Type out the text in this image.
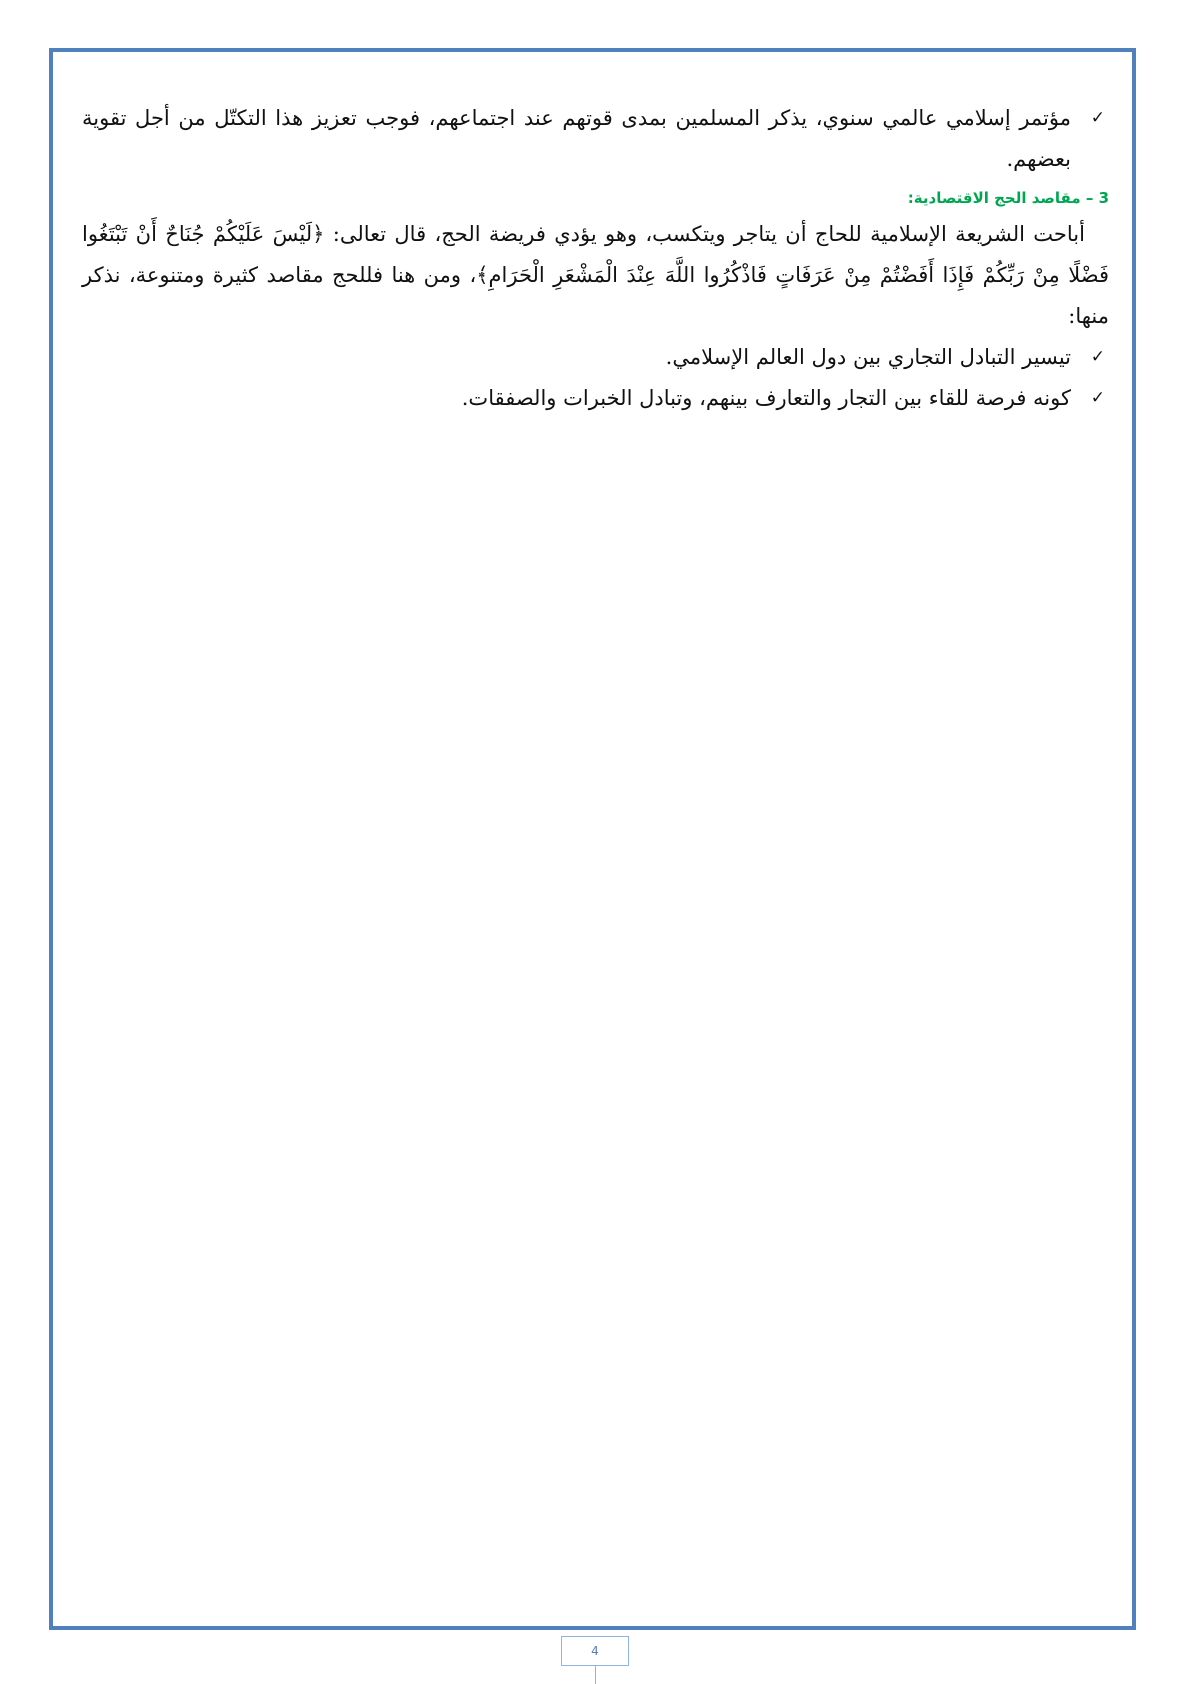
✓
مؤتمر إسلامي عالمي سنوي، يذكر المسلمين بمدى قوتهم عند اجتماعهم، فوجب تعزيز هذا التكتّل من أجل تقوية بعضهم.

3 – مقاصد الحج الاقتصادية:

أباحت الشريعة الإسلامية للحاج أن يتاجر ويتكسب، وهو يؤدي فريضة الحج، قال تعالى: ﴿لَيْسَ عَلَيْكُمْ جُنَاحٌ أَنْ تَبْتَغُوا فَضْلًا مِنْ رَبِّكُمْ فَإِذَا أَفَضْتُمْ مِنْ عَرَفَاتٍ فَاذْكُرُوا اللَّهَ عِنْدَ الْمَشْعَرِ الْحَرَامِ﴾، ومن هنا فللحج مقاصد كثيرة ومتنوعة، نذكر منها:

✓
تيسير التبادل التجاري بين دول العالم الإسلامي.

✓
كونه فرصة للقاء بين التجار والتعارف بينهم، وتبادل الخبرات والصفقات.

4
